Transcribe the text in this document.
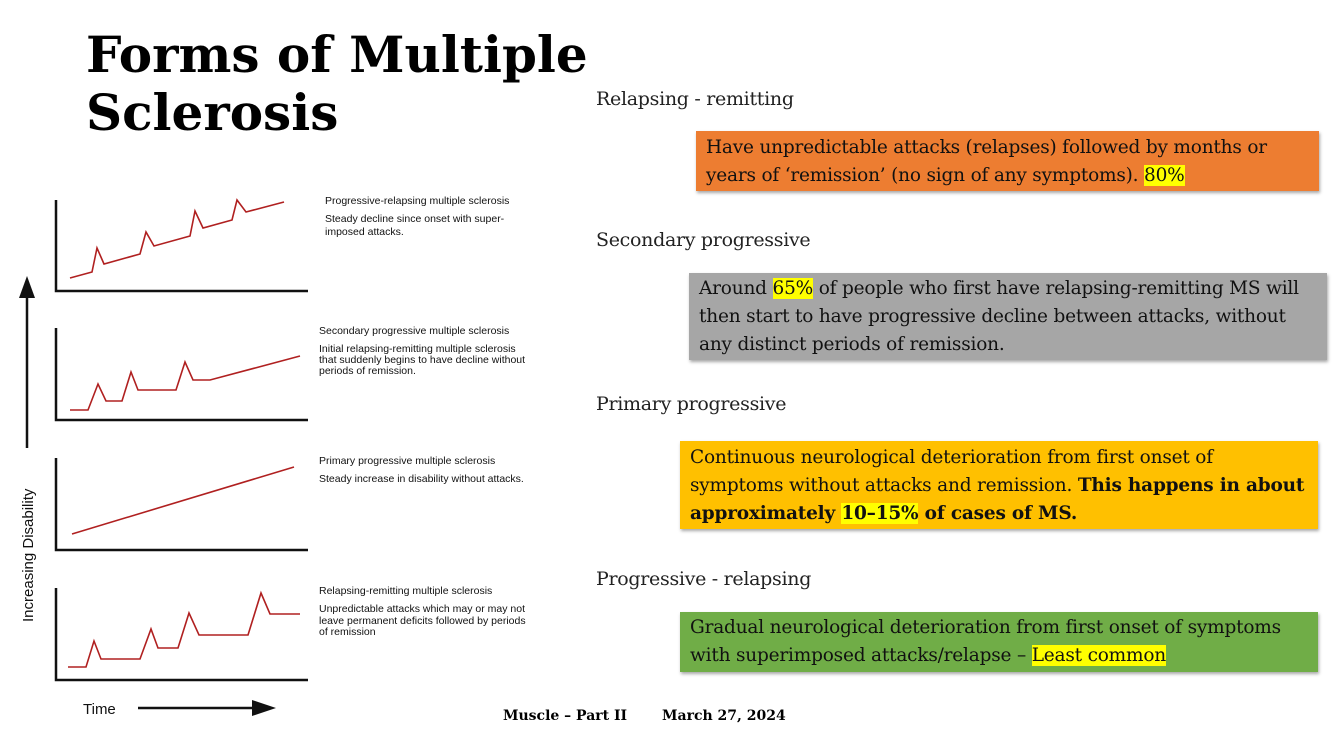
Forms of Multiple Sclerosis
Increasing Disability
Time
Progressive-relapsing multiple sclerosis
Steady decline since onset with super-
imposed attacks.
Secondary progressive multiple sclerosis
Initial relapsing-remitting multiple sclerosis
that suddenly begins to have decline without
periods of remission.
Primary progressive multiple sclerosis
Steady increase in disability without attacks.
Relapsing-remitting multiple sclerosis
Unpredictable attacks which may or may not
leave permanent deficits followed by periods
of remission
Relapsing - remitting
Have unpredictable attacks (relapses) followed by months or years of ‘remission’ (no sign of any symptoms). 80%
Secondary progressive
Around 65% of people who first have relapsing-remitting MS will then start to have progressive decline between attacks, without any distinct periods of remission.
Primary progressive
Continuous neurological deterioration from first onset of symptoms without attacks and remission. This happens in about approximately 10–15% of cases of MS.
Progressive - relapsing
Gradual neurological deterioration from first onset of symptoms with superimposed attacks/relapse – Least common
Muscle – Part II March 27, 2024
